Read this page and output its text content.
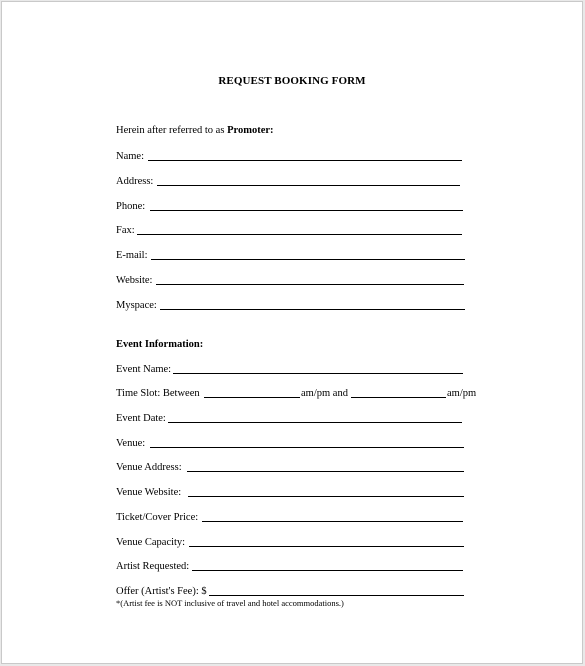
REQUEST BOOKING FORM
Herein after referred to as Promoter:
Name:
Address:
Phone:
Fax:
E-mail:
Website:
Myspace:
Event Information:
Event Name:
Time Slot: Between	am/pm and	am/pm
Event Date:
Venue:
Venue Address:
Venue Website:
Ticket/Cover Price:
Venue Capacity:
Artist Requested:
Offer (Artist's Fee): $
*(Artist fee is NOT inclusive of travel and hotel accommodations.)
